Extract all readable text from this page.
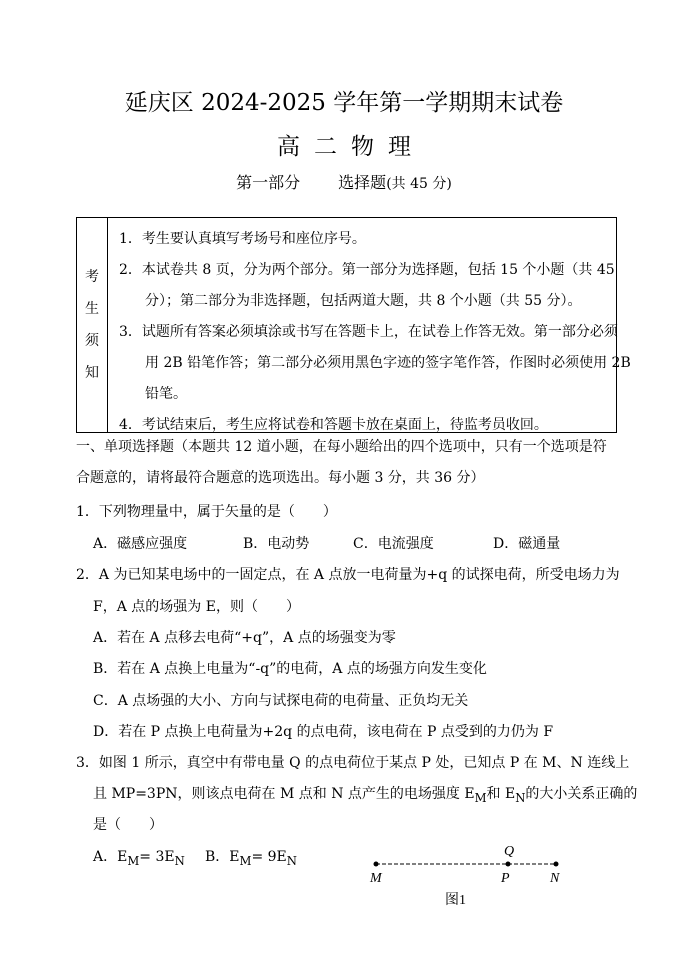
延庆区 2024-2025 学年第一学期期末试卷
高二物理
第一部分 选择题(共 45 分)
考
生
须
知
1．考生要认真填写考场号和座位序号。
2．本试卷共 8 页，分为两个部分。第一部分为选择题，包括 15 个小题（共 45
分）；第二部分为非选择题，包括两道大题，共 8 个小题（共 55 分）。
3．试题所有答案必须填涂或书写在答题卡上，在试卷上作答无效。第一部分必须
用 2B 铅笔作答；第二部分必须用黑色字迹的签字笔作答，作图时必须使用 2B
铅笔。
4．考试结束后，考生应将试卷和答题卡放在桌面上，待监考员收回。
一、单项选择题（本题共 12 道小题，在每小题给出的四个选项中，只有一个选项是符
合题意的，请将最符合题意的选项选出。每小题 3 分，共 36 分）
1．下列物理量中，属于矢量的是（　　）
A．磁感应强度	B．电动势	C．电流强度	D．磁通量
2．A 为已知某电场中的一固定点，在 A 点放一电荷量为+q 的试探电荷，所受电场力为
F，A 点的场强为 E，则（　　）
A．若在 A 点移去电荷“+q”，A 点的场强变为零
B．若在 A 点换上电量为“-q”的电荷，A 点的场强方向发生变化
C．A 点场强的大小、方向与试探电荷的电荷量、正负均无关
D．若在 P 点换上电荷量为+2q 的点电荷，该电荷在 P 点受到的力仍为 F
3．如图 1 所示，真空中有带电量 Q 的点电荷位于某点 P 处，已知点 P 在 M、N 连线上
且 MP=3PN，则该点电荷在 M 点和 N 点产生的电场强度 $E_M$和 $E_N$的大小关系正确的
是（　　）
A．$E_M= 3E_N$ B．$E_M= 9E_N$
Q
M	P	N
图1
